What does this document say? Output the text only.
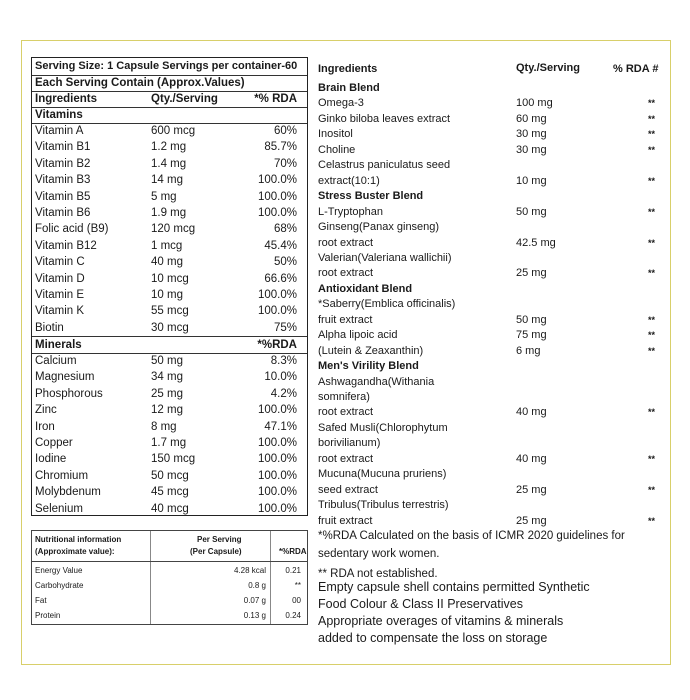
Serving Size: 1 Capsule Servings per container-60
Each Serving Contain (Approx.Values)
Ingredients	Qty./Serving	*% RDA
Vitamins
Vitamin A	600 mcg	60%
Vitamin B1	1.2 mg	85.7%
Vitamin B2	1.4 mg	70%
Vitamin B3	14 mg	100.0%
Vitamin B5	5 mg	100.0%
Vitamin B6	1.9 mg	100.0%
Folic acid (B9)	120 mcg	68%
Vitamin B12	1 mcg	45.4%
Vitamin C	40 mg	50%
Vitamin D	10 mcg	66.6%
Vitamin E	10 mg	100.0%
Vitamin K	55 mcg	100.0%
Biotin	30 mcg	75%
Minerals	*%RDA
Calcium	50 mg	8.3%
Magnesium	34 mg	10.0%
Phosphorous	25 mg	4.2%
Zinc	12 mg	100.0%
Iron	8 mg	47.1%
Copper	1.7 mg	100.0%
Iodine	150 mcg	100.0%
Chromium	50 mcg	100.0%
Molybdenum	45 mcg	100.0%
Selenium	40 mcg	100.0%
Nutritional information
(Approximate value):
Per Serving
(Per Capsule)	*%RDA
Energy Value	4.28 kcal 0.21
Carbohydrate	0.8 g	**
Fat	0.07 g	00
Protein	0.13 g 0.24
Ingredients	Qty./Serving	% RDA #
Brain Blend
Omega-3	100 mg	**
Ginko biloba leaves extract	60 mg	**
Inositol	30 mg	**
Choline	30 mg	**
Celastrus paniculatus seed
extract(10:1)	10 mg	**
Stress Buster Blend
L-Tryptophan	50 mg	**
Ginseng(Panax ginseng)
root extract	42.5 mg	**
Valerian(Valeriana wallichii)
root extract	25 mg	**
Antioxidant Blend
*Saberry(Emblica officinalis)
fruit extract	50 mg	**
Alpha lipoic acid	75 mg	**
(Lutein & Zeaxanthin)	6 mg	**
Men's Virility Blend
Ashwagandha(Withania
somnifera)
root extract	40 mg	**
Safed Musli(Chlorophytum
borivilianum)
root extract	40 mg	**
Mucuna(Mucuna pruriens)
seed extract	25 mg	**
Tribulus(Tribulus terrestris)
fruit extract	25 mg	**
*%RDA Calculated on the basis of ICMR 2020 guidelines for
sedentary work women.
** RDA not established.
Empty capsule shell contains permitted Synthetic
Food Colour & Class II Preservatives
Appropriate overages of vitamins & minerals
added to compensate the loss on storage
